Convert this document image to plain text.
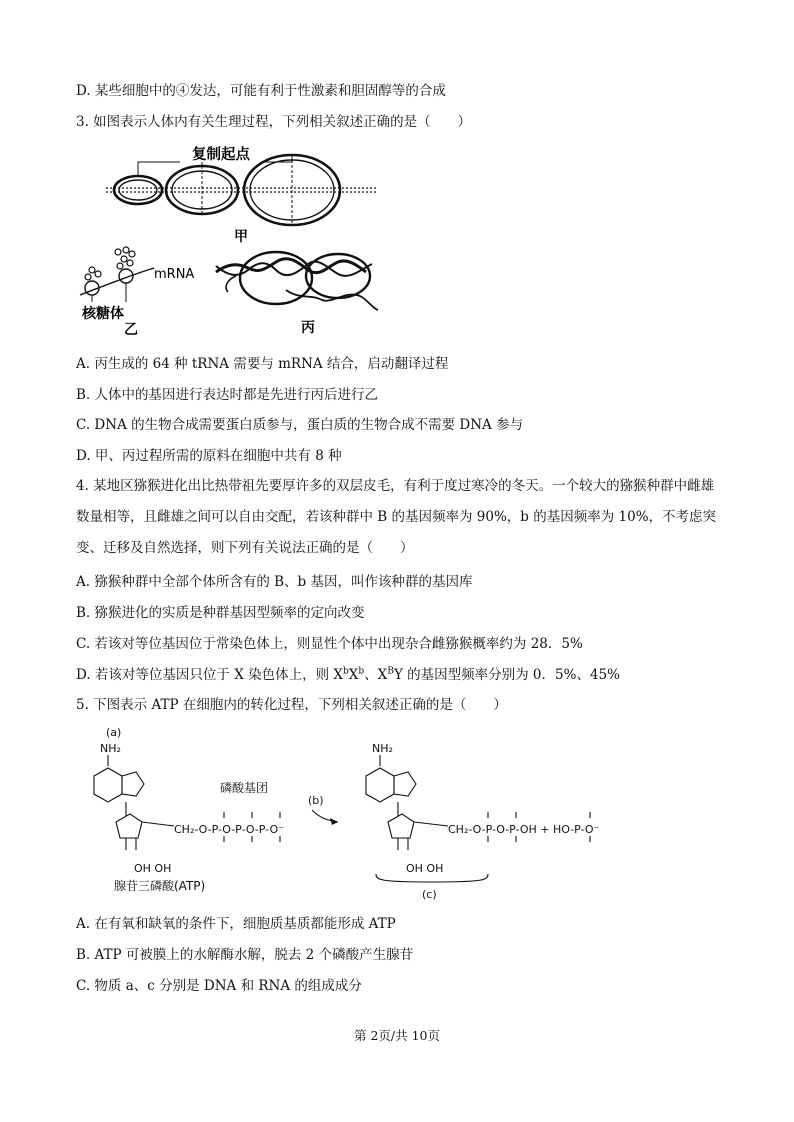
D. 某些细胞中的④发达，可能有利于性激素和胆固醇等的合成
3. 如图表示人体内有关生理过程，下列相关叙述正确的是（　　）
复制起点
甲
mRNA
核糖体
乙	丙
A. 丙生成的 64 种 tRNA 需要与 mRNA 结合，启动翻译过程
B. 人体中的基因进行表达时都是先进行丙后进行乙
C. DNA 的生物合成需要蛋白质参与，蛋白质的生物合成不需要 DNA 参与
D. 甲、丙过程所需的原料在细胞中共有 8 种
4. 某地区猕猴进化出比热带祖先要厚许多的双层皮毛，有利于度过寒冷的冬天。一个较大的猕猴种群中雌雄数量相等，且雌雄之间可以自由交配，若该种群中 B 的基因频率为 90%，b 的基因频率为 10%，不考虑突变、迁移及自然选择，则下列有关说法正确的是（　　）
A. 猕猴种群中全部个体所含有的 B、b 基因，叫作该种群的基因库
B. 猕猴进化的实质是种群基因型频率的定向改变
C. 若该对等位基因位于常染色体上，则显性个体中出现杂合雌猕猴概率约为 28．5%
D. 若该对等位基因只位于 X 染色体上，则 $X^bX^b$、$X^BY$ 的基因型频率分别为 0．5%、45%
5. 下图表示 ATP 在细胞内的转化过程，下列相关叙述正确的是（　　）
(a)
NH₂	NH₂
磷酸基团
(b)
CH₂-O-P-O-P-O-P-O⁻	CH₂-O-P-O-P-OH + HO-P-O⁻
OH OH	OH OH
腺苷三磷酸(ATP)
(c)
A. 在有氧和缺氧的条件下，细胞质基质都能形成 ATP
B. ATP 可被膜上的水解酶水解，脱去 2 个磷酸产生腺苷
C. 物质 a、c 分别是 DNA 和 RNA 的组成成分
第 2页/共 10页
